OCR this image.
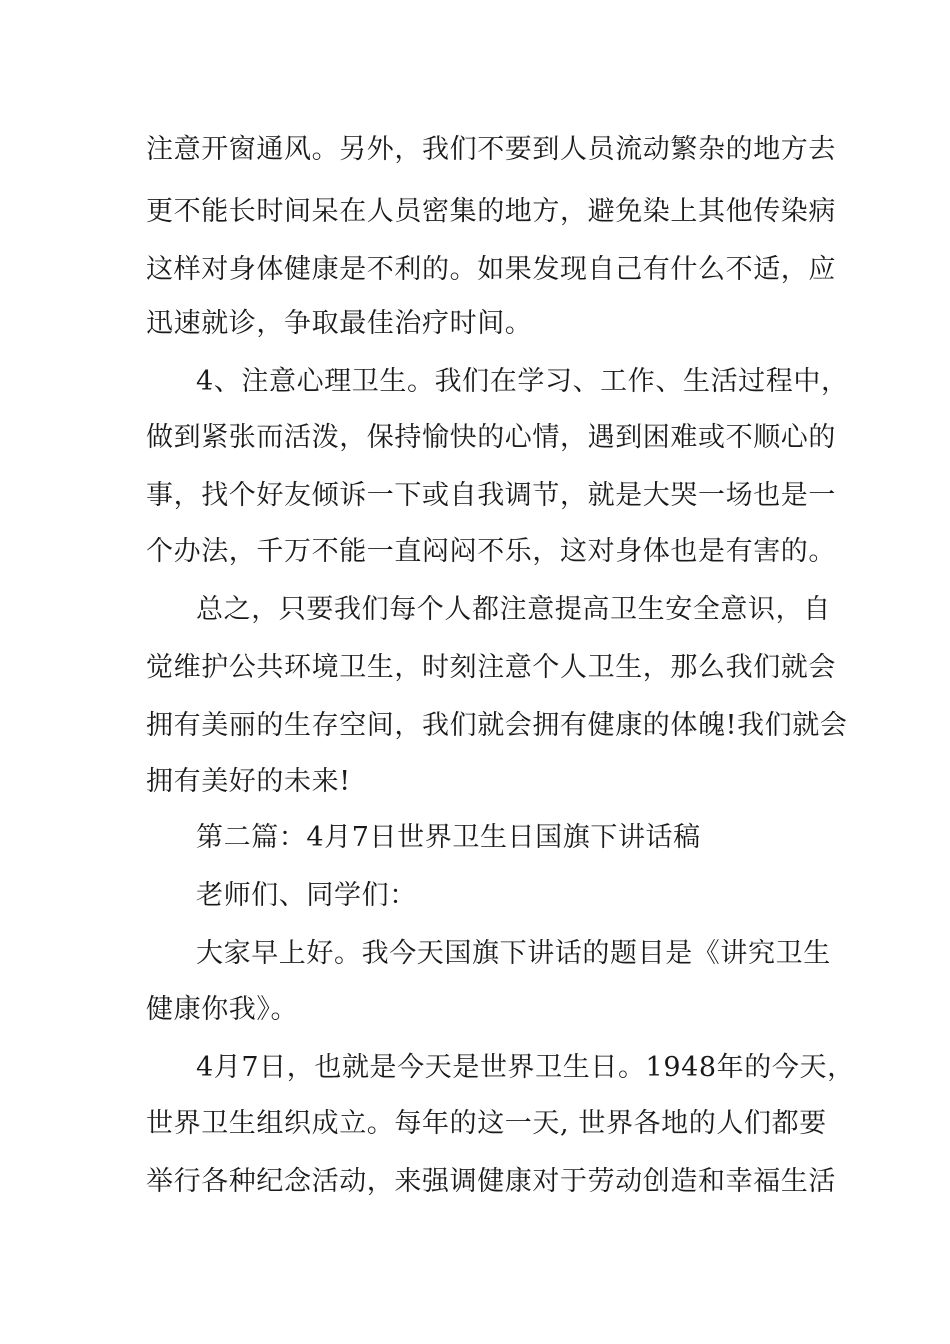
注意开窗通风。另外，我们不要到人员流动繁杂的地方去
更不能长时间呆在人员密集的地方，避免染上其他传染病
这样对身体健康是不利的。如果发现自己有什么不适，应
迅速就诊，争取最佳治疗时间。
4、注意心理卫生。我们在学习、工作、生活过程中，
做到紧张而活泼，保持愉快的心情，遇到困难或不顺心的
事，找个好友倾诉一下或自我调节，就是大哭一场也是一
个办法，千万不能一直闷闷不乐，这对身体也是有害的。
总之，只要我们每个人都注意提高卫生安全意识，自
觉维护公共环境卫生，时刻注意个人卫生，那么我们就会
拥有美丽的生存空间，我们就会拥有健康的体魄!我们就会
拥有美好的未来!
第二篇：4月7日世界卫生日国旗下讲话稿
老师们、同学们：
大家早上好。我今天国旗下讲话的题目是《讲究卫生
健康你我》。
4月7日，也就是今天是世界卫生日。1948年的今天，
世界卫生组织成立。每年的这一天, 世界各地的人们都要
举行各种纪念活动，来强调健康对于劳动创造和幸福生活
